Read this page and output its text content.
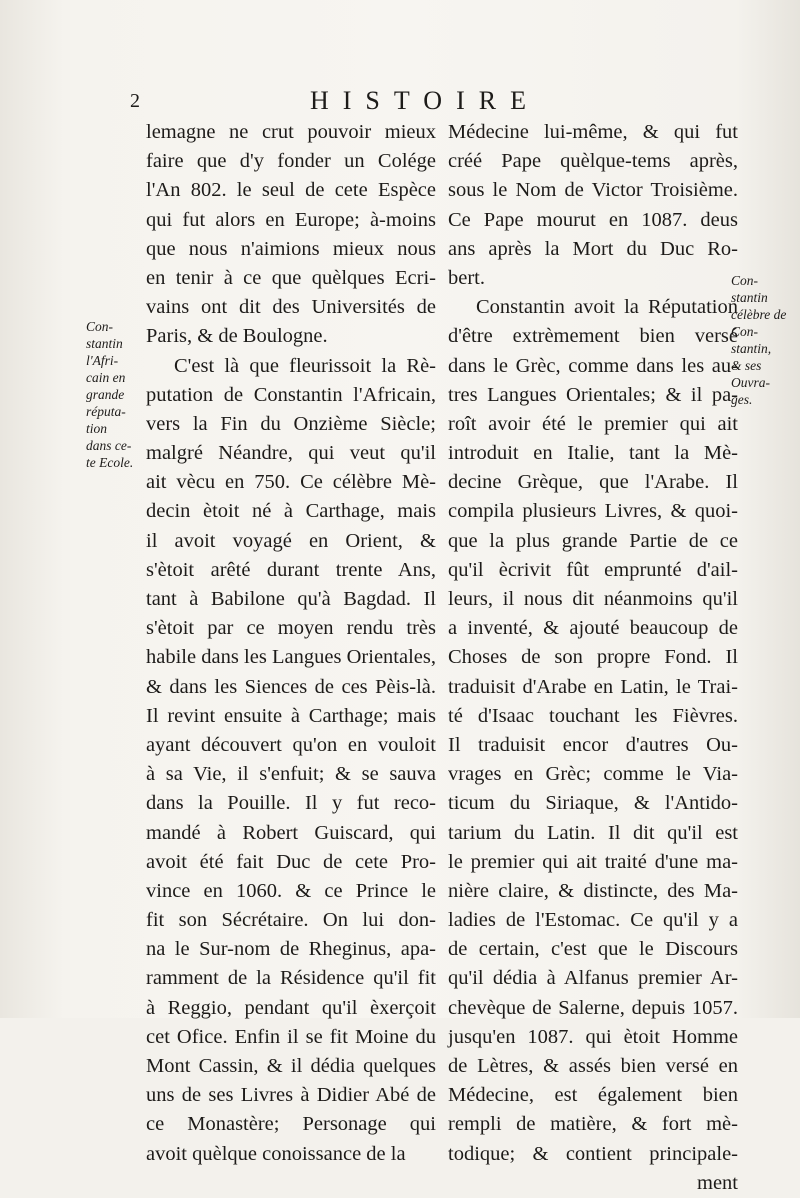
2	HISTOIRE
lemagne ne crut pouvoir mieux
faire que d'y fonder un Colége
l'An 802. le seul de cete Espèce
qui fut alors en Europe; à-moins
que nous n'aimions mieux nous
en tenir à ce que quèlques Ecri-
vains ont dit des Universités de
Paris, & de Boulogne.
C'est là que fleurissoit la Rè-
putation de Constantin l'Africain,
vers la Fin du Onzième Siècle;
malgré Néandre, qui veut qu'il
ait vècu en 750. Ce célèbre Mè-
decin ètoit né à Carthage, mais
il avoit voyagé en Orient, &
s'ètoit arêté durant trente Ans,
tant à Babilone qu'à Bagdad. Il
s'ètoit par ce moyen rendu très
habile dans les Langues Orientales,
& dans les Siences de ces Pèis-là.
Il revint ensuite à Carthage; mais
ayant découvert qu'on en vouloit
à sa Vie, il s'enfuit; & se sauva
dans la Pouille. Il y fut reco-
mandé à Robert Guiscard, qui
avoit été fait Duc de cete Pro-
vince en 1060. & ce Prince le
fit son Sécrétaire. On lui don-
na le Sur-nom de Rheginus, apa-
ramment de la Résidence qu'il fit
à Reggio, pendant qu'il èxerçoit
cet Ofice. Enfin il se fit Moine du
Mont Cassin, & il dédia quelques
uns de ses Livres à Didier Abé de
ce Monastère; Personage qui
avoit quèlque conoissance de la
Médecine lui-même, & qui fut
créé Pape quèlque-tems après,
sous le Nom de Victor Troisième.
Ce Pape mourut en 1087. deus
ans après la Mort du Duc Ro-
bert.
Constantin avoit la Réputation
d'être extrèmement bien versé
dans le Grèc, comme dans les au-
tres Langues Orientales; & il pa-
roît avoir été le premier qui ait
introduit en Italie, tant la Mè-
decine Grèque, que l'Arabe. Il
compila plusieurs Livres, & quoi-
que la plus grande Partie de ce
qu'il ècrivit fût emprunté d'ail-
leurs, il nous dit néanmoins qu'il
a inventé, & ajouté beaucoup de
Choses de son propre Fond. Il
traduisit d'Arabe en Latin, le Trai-
té d'Isaac touchant les Fièvres.
Il traduisit encor d'autres Ou-
vrages en Grèc; comme le Via-
ticum du Siriaque, & l'Antido-
tarium du Latin. Il dit qu'il est
le premier qui ait traité d'une ma-
nière claire, & distincte, des Ma-
ladies de l'Estomac. Ce qu'il y a
de certain, c'est que le Discours
qu'il dédia à Alfanus premier Ar-
chevèque de Salerne, depuis 1057.
jusqu'en 1087. qui ètoit Homme
de Lètres, & assés bien versé en
Médecine, est également bien
rempli de matière, & fort mè-
todique; & contient principale-
ment
Con-
stantin
l'Afri-
cain en
grande
réputa-
tion
dans ce-
te Ecole.
Con-
stantin
célèbre de
Con-
stantin,
& ses
Ouvra-
ges.
